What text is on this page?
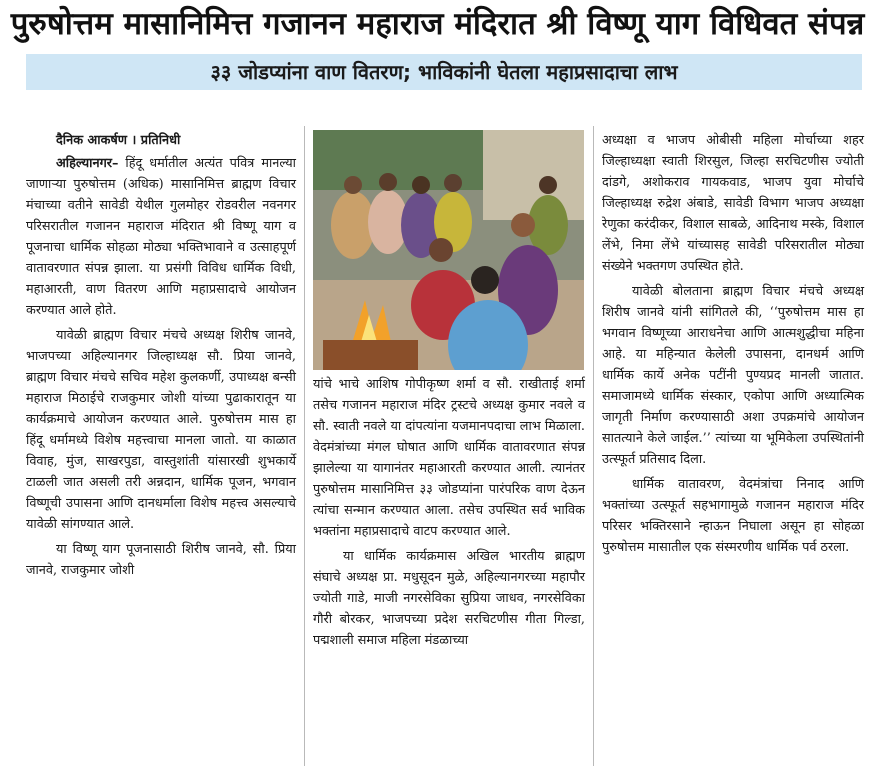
पुरुषोत्तम मासानिमित्त गजानन महाराज मंदिरात श्री विष्णू याग विधिवत संपन्न
३३ जोडप्यांना वाण वितरण; भाविकांनी घेतला महाप्रसादाचा लाभ
दैनिक आकर्षण । प्रतिनिधी

अहिल्यानगर– हिंदू धर्मातील अत्यंत पवित्र मानल्या जाणाऱ्या पुरुषोत्तम (अधिक) मासानिमित्त ब्राह्मण विचार मंचाच्या वतीने सावेडी येथील गुलमोहर रोडवरील नवनगर परिसरातील गजानन महाराज मंदिरात श्री विष्णू याग व पूजनाचा धार्मिक सोहळा मोठ्या भक्तिभावाने व उत्साहपूर्ण वातावरणात संपन्न झाला. या प्रसंगी विविध धार्मिक विधी, महाआरती, वाण वितरण आणि महाप्रसादाचे आयोजन करण्यात आले होते.

यावेळी ब्राह्मण विचार मंचचे अध्यक्ष शिरीष जानवे, भाजपच्या अहिल्यानगर जिल्हाध्यक्ष सौ. प्रिया जानवे, ब्राह्मण विचार मंचचे सचिव महेश कुलकर्णी, उपाध्यक्ष बन्सी महाराज मिठाईचे राजकुमार जोशी यांच्या पुढाकारातून या कार्यक्रमाचे आयोजन करण्यात आले. पुरुषोत्तम मास हा हिंदू धर्मामध्ये विशेष महत्त्वाचा मानला जातो. या काळात विवाह, मुंज, साखरपुडा, वास्तुशांती यांसारखी शुभकार्ये टाळली जात असली तरी अन्नदान, धार्मिक पूजन, भगवान विष्णूची उपासना आणि दानधर्माला विशेष महत्त्व असल्याचे यावेळी सांगण्यात आले.

या विष्णू याग पूजनासाठी शिरीष जानवे, सौ. प्रिया जानवे, राजकुमार जोशी

यांचे भाचे आशिष गोपीकृष्ण शर्मा व सौ. राखीताई शर्मा तसेच गजानन महाराज मंदिर ट्रस्टचे अध्यक्ष कुमार नवले व सौ. स्वाती नवले या दांपत्यांना यजमानपदाचा लाभ मिळाला. वेदमंत्रांच्या मंगल घोषात आणि धार्मिक वातावरणात संपन्न झालेल्या या यागानंतर महाआरती करण्यात आली. त्यानंतर पुरुषोत्तम मासानिमित्त ३३ जोडप्यांना पारंपरिक वाण देऊन त्यांचा सन्मान करण्यात आला. तसेच उपस्थित सर्व भाविक भक्तांना महाप्रसादाचे वाटप करण्यात आले.

या धार्मिक कार्यक्रमास अखिल भारतीय ब्राह्मण संघाचे अध्यक्ष प्रा. मधुसूदन मुळे, अहिल्यानगरच्या महापौर ज्योती गाडे, माजी नगरसेविका सुप्रिया जाधव, नगरसेविका गौरी बोरकर, भाजपच्या प्रदेश सरचिटणीस गीता गिल्डा, पद्मशाली समाज महिला मंडळाच्या

अध्यक्षा व भाजप ओबीसी महिला मोर्चाच्या शहर जिल्हाध्यक्षा स्वाती शिरसुल, जिल्हा सरचिटणीस ज्योती दांडगे, अशोकराव गायकवाड, भाजप युवा मोर्चाचे जिल्हाध्यक्ष रुद्रेश अंबाडे, सावेडी विभाग भाजप अध्यक्षा रेणुका करंदीकर, विशाल साबळे, आदिनाथ मस्के, विशाल लेंभे, निमा लेंभे यांच्यासह सावेडी परिसरातील मोठ्या संख्येने भक्तगण उपस्थित होते.

यावेळी बोलताना ब्राह्मण विचार मंचचे अध्यक्ष शिरीष जानवे यांनी सांगितले की, ‘‘पुरुषोत्तम मास हा भगवान विष्णूच्या आराधनेचा आणि आत्मशुद्धीचा महिना आहे. या महिन्यात केलेली उपासना, दानधर्म आणि धार्मिक कार्ये अनेक पटींनी पुण्यप्रद मानली जातात. समाजामध्ये धार्मिक संस्कार, एकोपा आणि अध्यात्मिक जागृती निर्माण करण्यासाठी अशा उपक्रमांचे आयोजन सातत्याने केले जाईल.’’ त्यांच्या या भूमिकेला उपस्थितांनी उत्स्फूर्त प्रतिसाद दिला.

धार्मिक वातावरण, वेदमंत्रांचा निनाद आणि भक्तांच्या उत्स्फूर्त सहभागामुळे गजानन महाराज मंदिर परिसर भक्तिरसाने न्हाऊन निघाला असून हा सोहळा पुरुषोत्तम मासातील एक संस्मरणीय धार्मिक पर्व ठरला.
